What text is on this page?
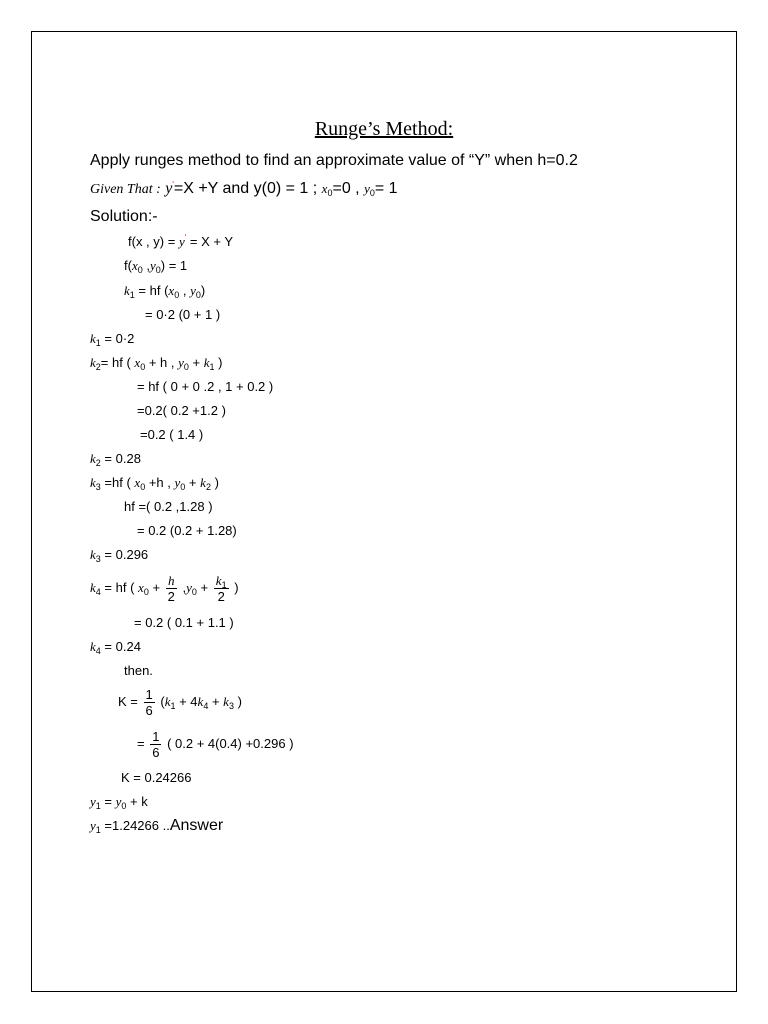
Runge’s Method:
Apply runges method to find an approximate value of “Y” when h=0.2
Given That : $y^ʹ=X +Y$ and y(0) = 1 ; $x_0=0$ , $y_0= 1$
Solution:-
f(x , $y) = y^ʹ = X + Y$
$f(x_0$ $,y_0) = 1$
$k_1$ = hf ($x_0$ , $y_0$)
= 0·2 (0 + 1 )
$k_1 = 0\cdot 2$
$k_2=$ hf ( $x_0 + h$ , $y_0 + k_1$ )
= hf ( 0 + 0 .2 , 1 + 0.2 )
=0.2( 0.2 +1.2 )
=0.2 ( 1.4 )
$k_2 = 0.28$
$k_3 =hf$ ( $x_0 +h$ , $y_0 + k_2$ )
hf =( 0.2 ,1.28 )
= 0.2 (0.2 + 1.28)
$k_3 = 0.296$
$k_4$ = hf ( $x_0 + \frac{h}{2} ,y_0 + \frac{k_1}{2}$ )
= 0.2 ( 0.1 + 1.1 )
$k_4 = 0.24$
then.
$K = \frac{1}{6} (k_1 + 4k_4 + k_3$ )
= $\frac{1}{6}$ ( 0.2 + 4(0.4) +0.296 )
K = 0.24266
$y_1 = y_0 + k$
$y_1 =1.24266$ ..Answer
